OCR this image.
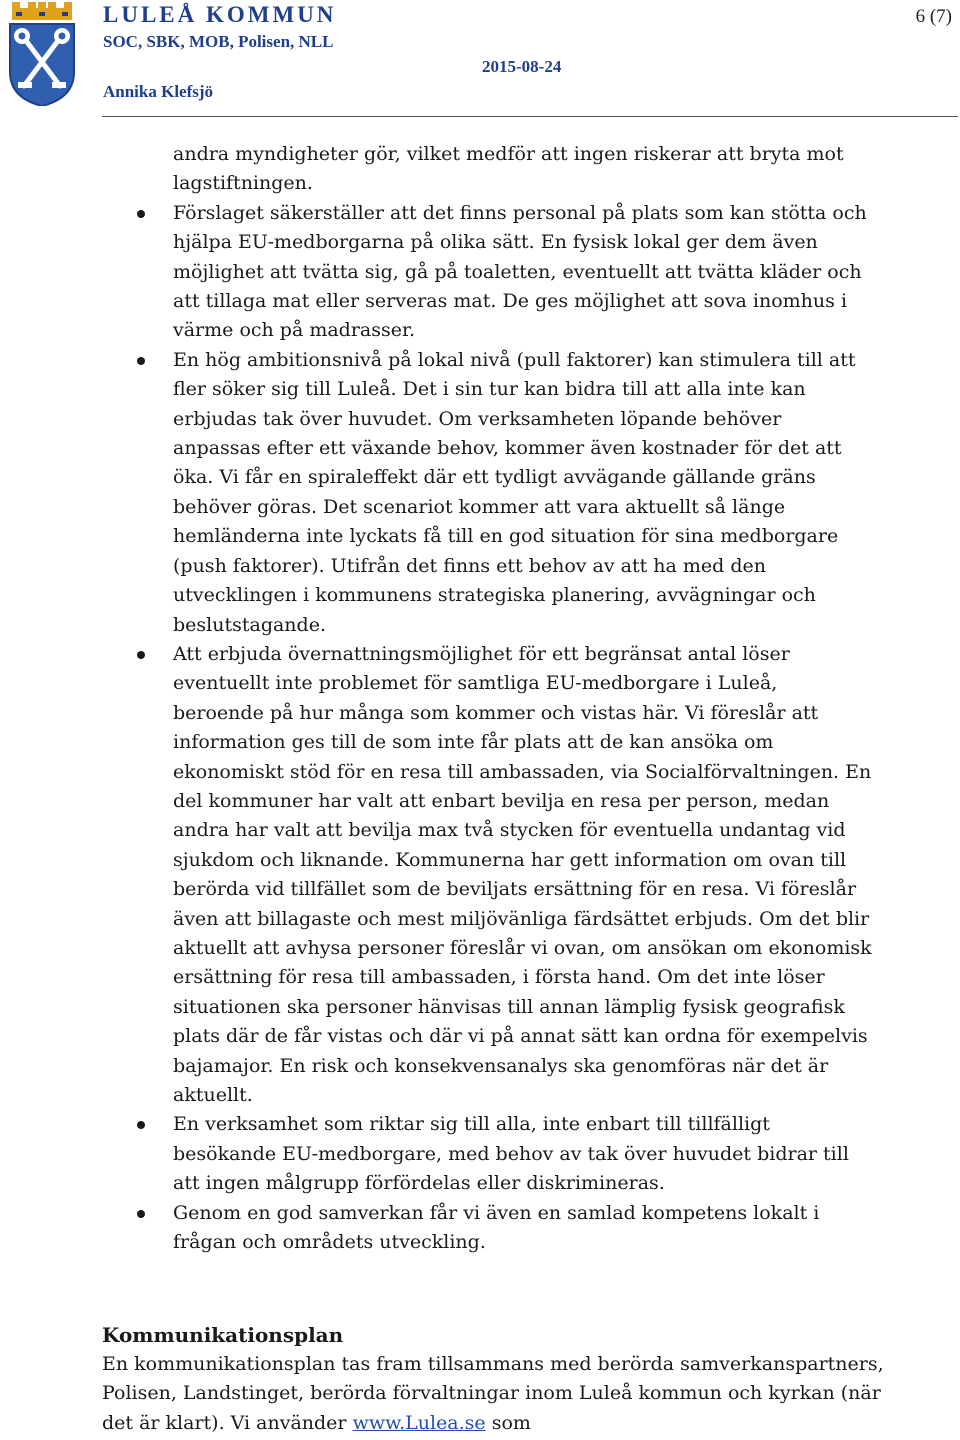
LULEÅ KOMMUN
SOC, SBK, MOB, Polisen, NLL
Annika Klefsjö
2015-08-24
6 (7)

andra myndigheter gör, vilket medför att ingen riskerar att bryta mot lagstiftningen.

Förslaget säkerställer att det finns personal på plats som kan stötta och hjälpa EU-medborgarna på olika sätt. En fysisk lokal ger dem även möjlighet att tvätta sig, gå på toaletten, eventuellt att tvätta kläder och att tillaga mat eller serveras mat. De ges möjlighet att sova inomhus i värme och på madrasser.
En hög ambitionsnivå på lokal nivå (pull faktorer) kan stimulera till att fler söker sig till Luleå. Det i sin tur kan bidra till att alla inte kan erbjudas tak över huvudet. Om verksamheten löpande behöver anpassas efter ett växande behov, kommer även kostnader för det att öka. Vi får en spiraleffekt där ett tydligt avvägande gällande gräns behöver göras. Det scenariot kommer att vara aktuellt så länge hemländerna inte lyckats få till en god situation för sina medborgare (push faktorer). Utifrån det finns ett behov av att ha med den utvecklingen i kommunens strategiska planering, avvägningar och beslutstagande.
Att erbjuda övernattningsmöjlighet för ett begränsat antal löser eventuellt inte problemet för samtliga EU-medborgare i Luleå, beroende på hur många som kommer och vistas här. Vi föreslår att information ges till de som inte får plats att de kan ansöka om ekonomiskt stöd för en resa till ambassaden, via Socialförvaltningen. En del kommuner har valt att enbart bevilja en resa per person, medan andra har valt att bevilja max två stycken för eventuella undantag vid sjukdom och liknande. Kommunerna har gett information om ovan till berörda vid tillfället som de beviljats ersättning för en resa. Vi föreslår även att billagaste och mest miljövänliga färdsättet erbjuds. Om det blir aktuellt att avhysa personer föreslår vi ovan, om ansökan om ekonomisk ersättning för resa till ambassaden, i första hand. Om det inte löser situationen ska personer hänvisas till annan lämplig fysisk geografisk plats där de får vistas och där vi på annat sätt kan ordna för exempelvis bajamajor. En risk och konsekvensanalys ska genomföras när det är aktuellt.
En verksamhet som riktar sig till alla, inte enbart till tillfälligt besökande EU-medborgare, med behov av tak över huvudet bidrar till att ingen målgrupp förfördelas eller diskrimineras.
Genom en god samverkan får vi även en samlad kompetens lokalt i frågan och områdets utveckling.
Kommunikationsplan

En kommunikationsplan tas fram tillsammans med berörda samverkanspartners, Polisen, Landstinget, berörda förvaltningar inom Luleå kommun och kyrkan (när det är klart). Vi använder www.Lulea.se som
